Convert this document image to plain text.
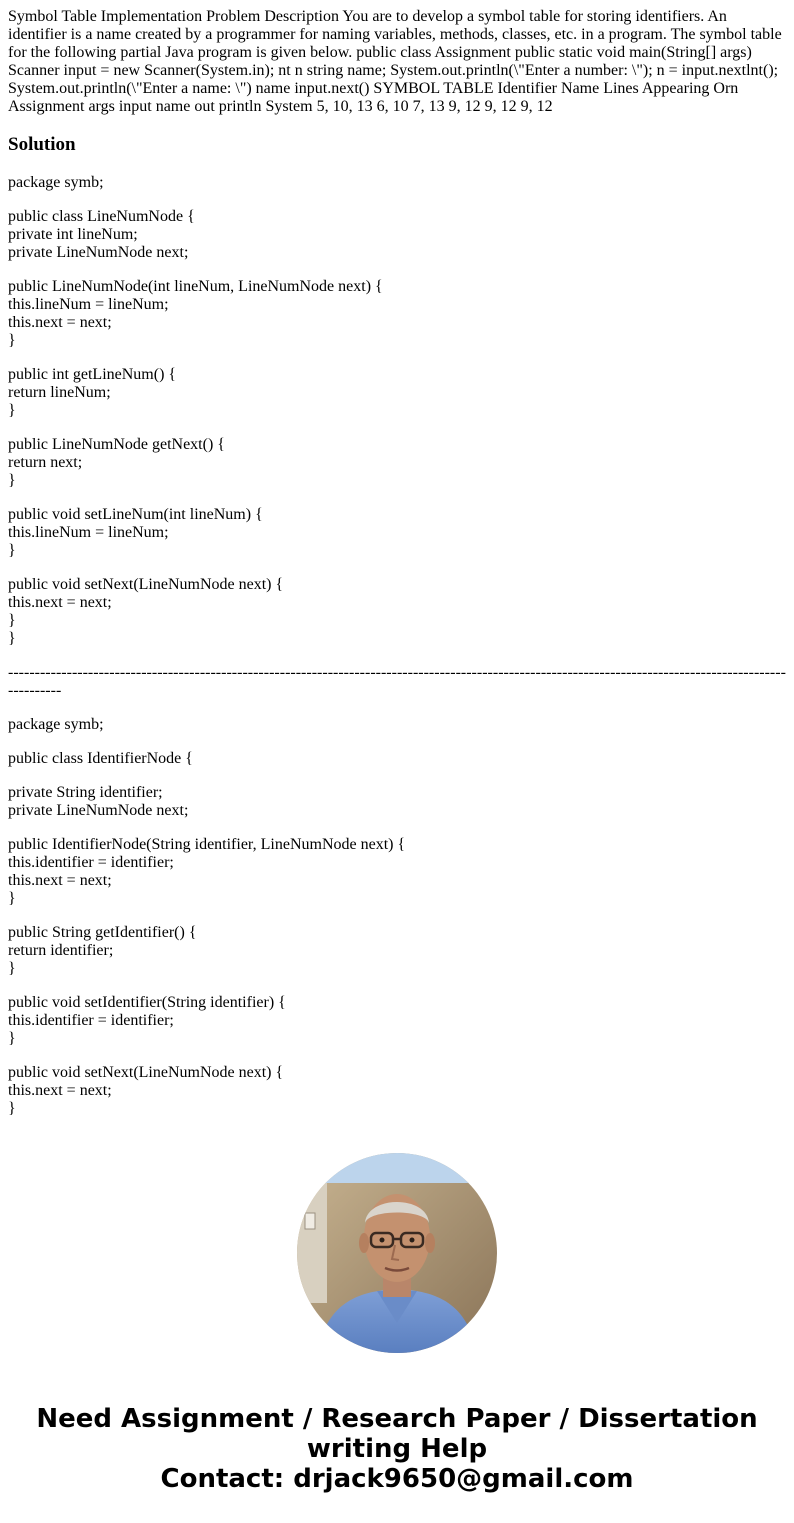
Symbol Table Implementation Problem Description You are to develop a symbol table for storing identifiers. An identifier is a name created by a programmer for naming variables, methods, classes, etc. in a program. The symbol table for the following partial Java program is given below. public class Assignment public static void main(String[] args) Scanner input = new Scanner(System.in); nt n string name; System.out.println(\"Enter a number: \"); n = input.nextlnt(); System.out.println(\"Enter a name: \") name input.next() SYMBOL TABLE Identifier Name Lines Appearing Orn Assignment args input name out println System 5, 10, 13 6, 10 7, 13 9, 12 9, 12 9, 12

Solution
package symb;
public class LineNumNode {
private int lineNum;
private LineNumNode next;
public LineNumNode(int lineNum, LineNumNode next) {
this.lineNum = lineNum;
this.next = next;
}
public int getLineNum() {
return lineNum;
}
public LineNumNode getNext() {
return next;
}
public void setLineNum(int lineNum) {
this.lineNum = lineNum;
}
public void setNext(LineNumNode next) {
this.next = next;
}
}
------------------------------------------------------------------------------------------------------------------------------------------------------------
package symb;
public class IdentifierNode {
private String identifier;
private LineNumNode next;
public IdentifierNode(String identifier, LineNumNode next) {
this.identifier = identifier;
this.next = next;
}
public String getIdentifier() {
return identifier;
}
public void setIdentifier(String identifier) {
this.identifier = identifier;
}
public void setNext(LineNumNode next) {
this.next = next;
}
Need Assignment / Research Paper / Dissertation
writing Help
Contact: drjack9650@gmail.com
